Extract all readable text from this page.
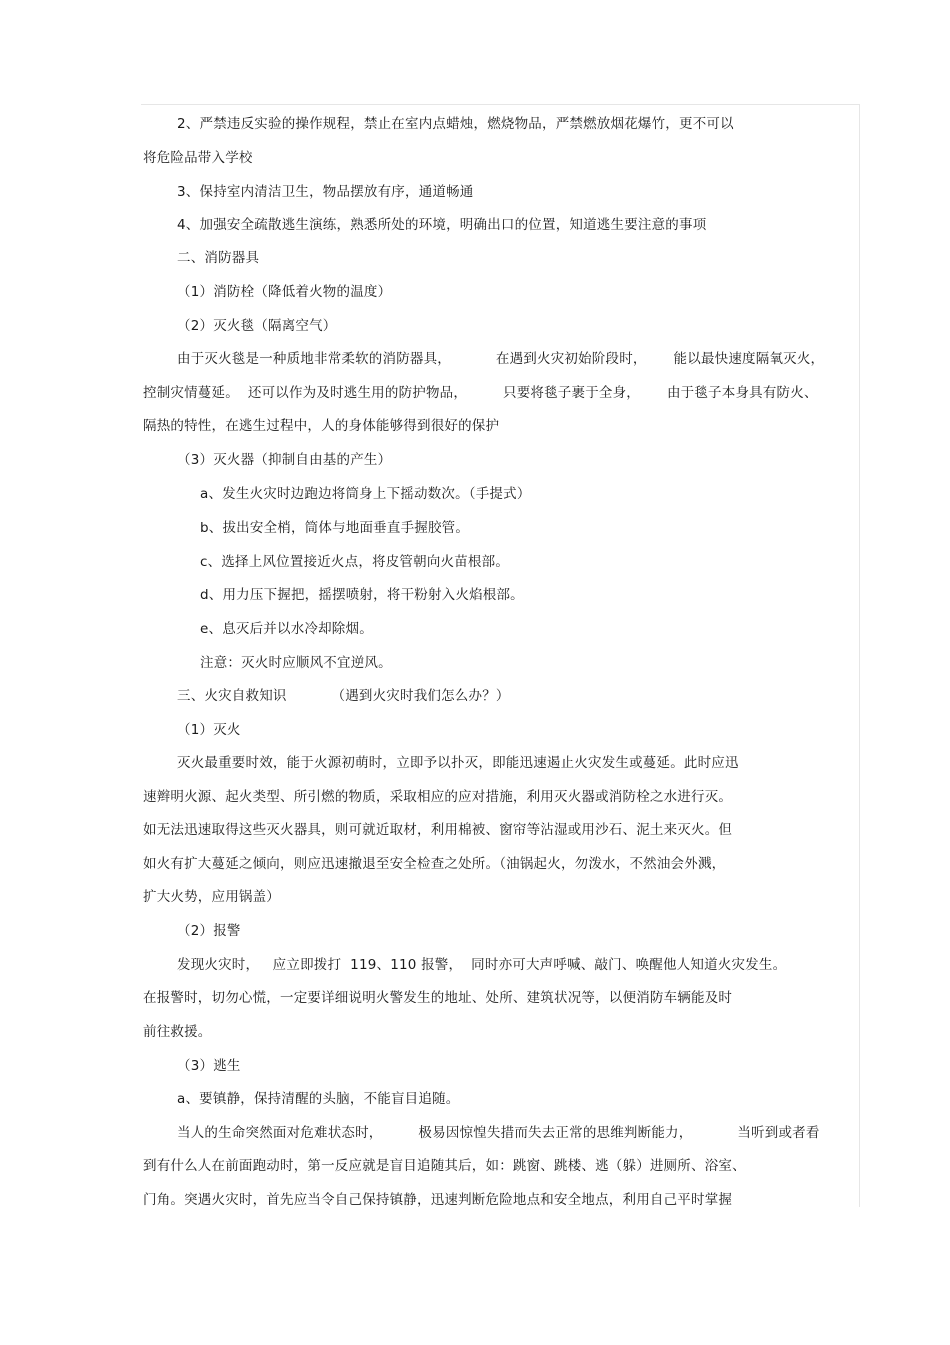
2、严禁违反实验的操作规程，禁止在室内点蜡烛，燃烧物品，严禁燃放烟花爆竹，更不可以
将危险品带入学校
3、保持室内清洁卫生，物品摆放有序，通道畅通
4、加强安全疏散逃生演练，熟悉所处的环境，明确出口的位置，知道逃生要注意的事项
二、消防器具
（1）消防栓（降低着火物的温度）
（2）灭火毯（隔离空气）
由于灭火毯是一种质地非常柔软的消防器具，          在遇到火灾初始阶段时，      能以最快速度隔氧灭火，
控制灾情蔓延。  还可以作为及时逃生用的防护物品，        只要将毯子裹于全身，      由于毯子本身具有防火、
隔热的特性，在逃生过程中，人的身体能够得到很好的保护
（3）灭火器（抑制自由基的产生）
a、发生火灾时边跑边将筒身上下摇动数次。（手提式）
b、拔出安全梢，筒体与地面垂直手握胶管。
c、选择上风位置接近火点，将皮管朝向火苗根部。
d、用力压下握把，摇摆喷射，将干粉射入火焰根部。
e、息灭后并以水冷却除烟。
注意：灭火时应顺风不宜逆风。
三、火灾自救知识          （遇到火灾时我们怎么办？）
（1）灭火
灭火最重要时效，能于火源初萌时，立即予以扑灭，即能迅速遏止火灾发生或蔓延。此时应迅
速辫明火源、起火类型、所引燃的物质，采取相应的应对措施，利用灭火器或消防栓之水进行灭。
如无法迅速取得这些灭火器具，则可就近取材，利用棉被、窗帘等沾湿或用沙石、泥土来灭火。但
如火有扩大蔓延之倾向，则应迅速撤退至安全检查之处所。（油锅起火，勿泼水，不然油会外溅，
扩大火势，应用锅盖）
（2）报警
发现火灾时，   应立即拨打  119、110 报警，  同时亦可大声呼喊、敲门、唤醒他人知道火灾发生。
在报警时，切勿心慌，一定要详细说明火警发生的地址、处所、建筑状况等，以便消防车辆能及时
前往救援。
（3）逃生
a、要镇静，保持清醒的头脑，不能盲目追随。
当人的生命突然面对危难状态时，        极易因惊惶失措而失去正常的思维判断能力，          当听到或者看
到有什么人在前面跑动时，第一反应就是盲目追随其后，如：跳窗、跳楼、逃（躲）进厕所、浴室、
门角。突遇火灾时，首先应当令自己保持镇静，迅速判断危险地点和安全地点，利用自己平时掌握
